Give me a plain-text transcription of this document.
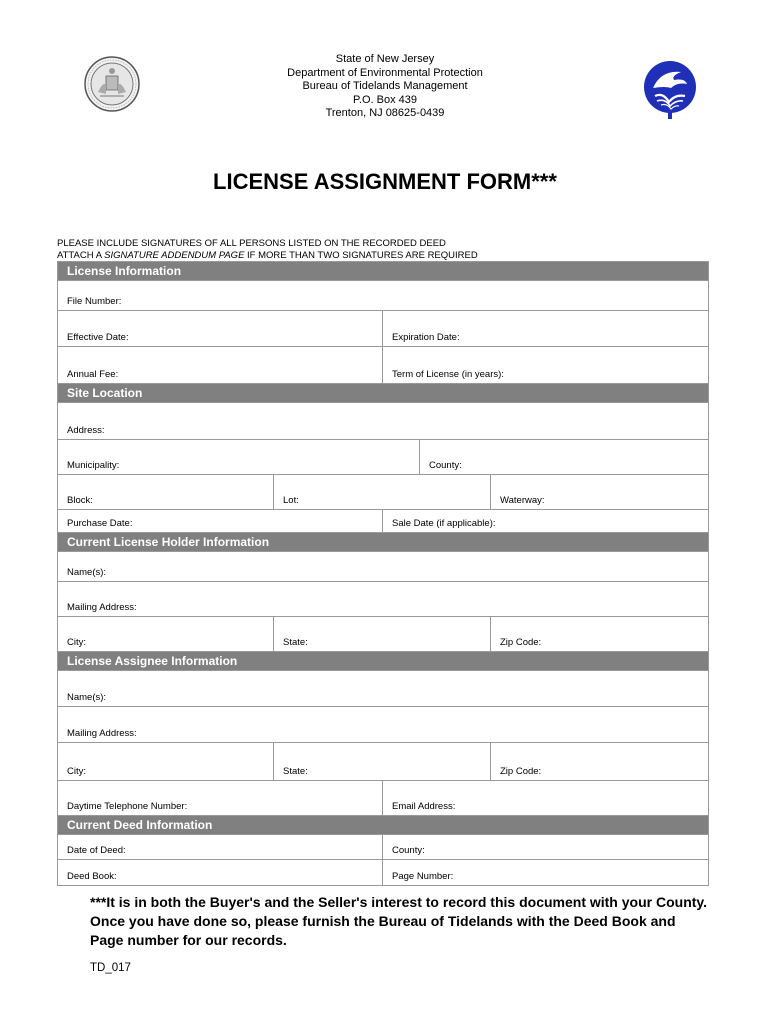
State of New Jersey
Department of Environmental Protection
Bureau of Tidelands Management
P.O. Box 439
Trenton, NJ 08625-0439
LICENSE ASSIGNMENT FORM***
PLEASE INCLUDE SIGNATURES OF ALL PERSONS LISTED ON THE RECORDED DEED
ATTACH A SIGNATURE ADDENDUM PAGE IF MORE THAN TWO SIGNATURES ARE REQUIRED
License Information
File Number:
Effective Date:	Expiration Date:
Annual Fee:	Term of License (in years):
Site Location
Address:
Municipality:	County:
Block:	Lot:	Waterway:
Purchase Date:	Sale Date (if applicable):
Current License Holder Information
Name(s):
Mailing Address:
City:	State:	Zip Code:
License Assignee Information
Name(s):
Mailing Address:
City:	State:	Zip Code:
Daytime Telephone Number:	Email Address:
Current Deed Information
Date of Deed:	County:
Deed Book:	Page Number:
***It is in both the Buyer's and the Seller's interest to record this document with your County. Once you have done so, please furnish the Bureau of Tidelands with the Deed Book and Page number for our records.
TD_017
